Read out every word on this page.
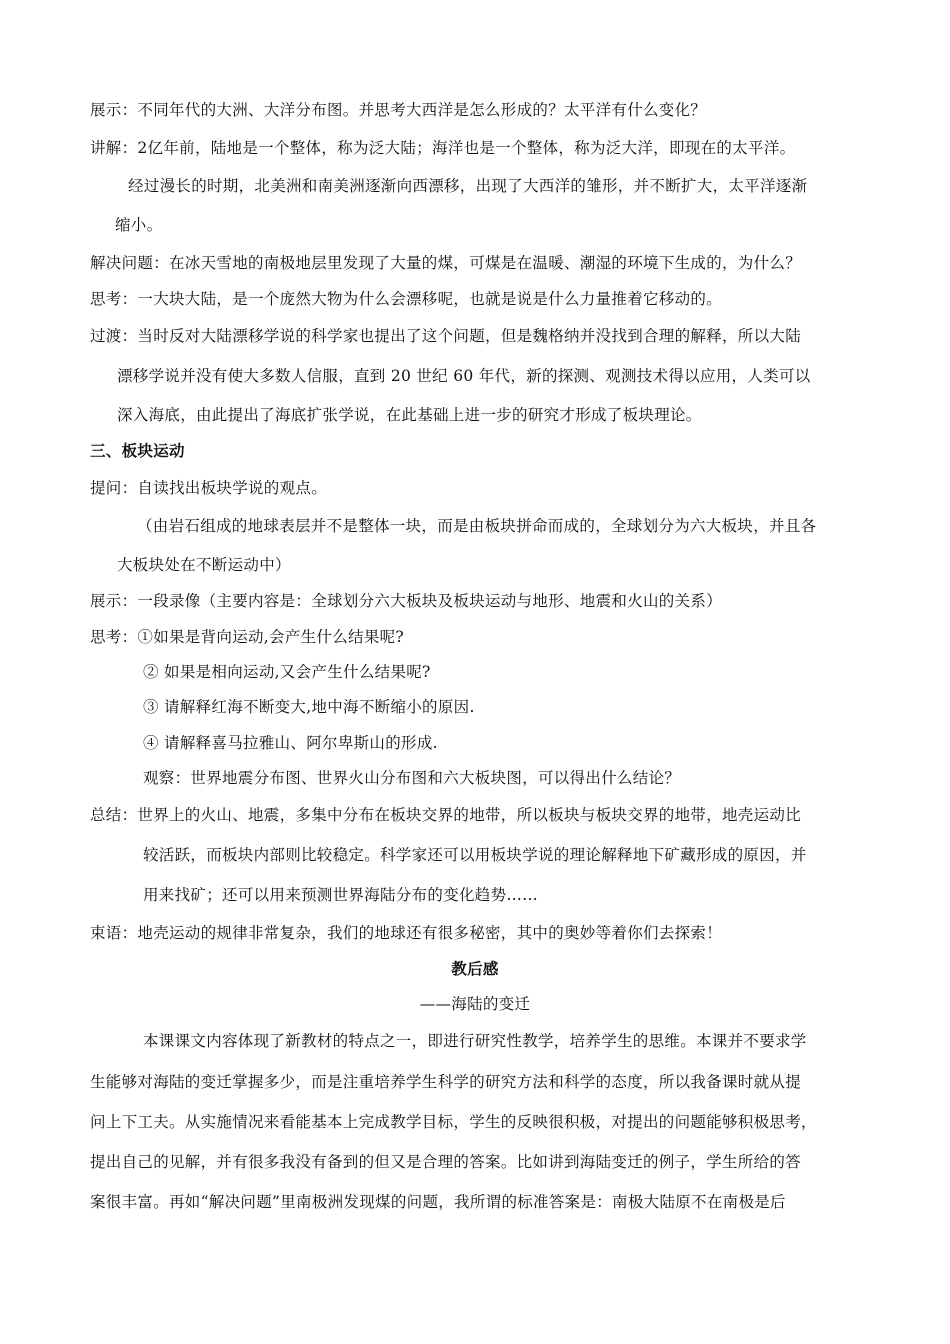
展示：不同年代的大洲、大洋分布图。并思考大西洋是怎么形成的？太平洋有什么变化？
讲解：2亿年前，陆地是一个整体，称为泛大陆；海洋也是一个整体，称为泛大洋，即现在的太平洋。
经过漫长的时期，北美洲和南美洲逐渐向西漂移，出现了大西洋的雏形，并不断扩大，太平洋逐渐
缩小。
解决问题：在冰天雪地的南极地层里发现了大量的煤，可煤是在温暖、潮湿的环境下生成的，为什么？
思考：一大块大陆，是一个庞然大物为什么会漂移呢，也就是说是什么力量推着它移动的。
过渡：当时反对大陆漂移学说的科学家也提出了这个问题，但是魏格纳并没找到合理的解释，所以大陆
漂移学说并没有使大多数人信服，直到 20 世纪 60 年代，新的探测、观测技术得以应用，人类可以
深入海底，由此提出了海底扩张学说，在此基础上进一步的研究才形成了板块理论。
三、板块运动
提问：自读找出板块学说的观点。
（由岩石组成的地球表层并不是整体一块，而是由板块拼命而成的，全球划分为六大板块，并且各
大板块处在不断运动中）
展示：一段录像（主要内容是：全球划分六大板块及板块运动与地形、地震和火山的关系）
思考：①如果是背向运动,会产生什么结果呢?
② 如果是相向运动,又会产生什么结果呢?
③ 请解释红海不断变大,地中海不断缩小的原因.
④ 请解释喜马拉雅山、阿尔卑斯山的形成.
观察：世界地震分布图、世界火山分布图和六大板块图，可以得出什么结论？
总结：世界上的火山、地震，多集中分布在板块交界的地带，所以板块与板块交界的地带，地壳运动比
较活跃，而板块内部则比较稳定。科学家还可以用板块学说的理论解释地下矿藏形成的原因，并
用来找矿；还可以用来预测世界海陆分布的变化趋势……
束语：地壳运动的规律非常复杂，我们的地球还有很多秘密，其中的奥妙等着你们去探索！
教后感
——海陆的变迁
本课课文内容体现了新教材的特点之一，即进行研究性教学，培养学生的思维。本课并不要求学
生能够对海陆的变迁掌握多少，而是注重培养学生科学的研究方法和科学的态度，所以我备课时就从提
问上下工夫。从实施情况来看能基本上完成教学目标，学生的反映很积极，对提出的问题能够积极思考，
提出自己的见解，并有很多我没有备到的但又是合理的答案。比如讲到海陆变迁的例子，学生所给的答
案很丰富。再如“解决问题”里南极洲发现煤的问题，我所谓的标准答案是：南极大陆原不在南极是后
